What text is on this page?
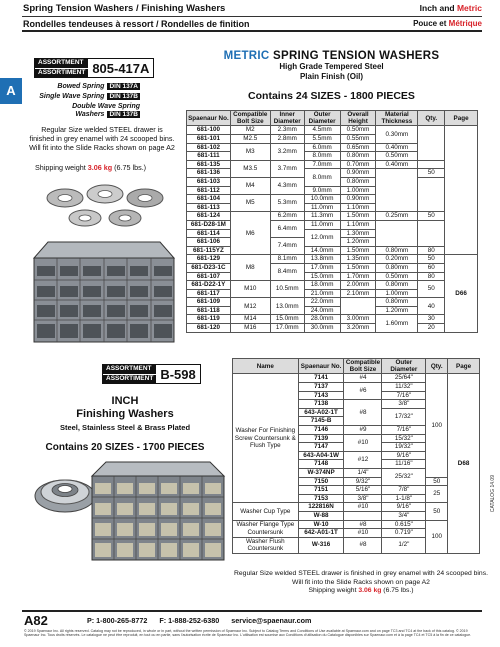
Spring Tension Washers / Finishing Washers	Inch and Metric
Rondelles tendeuses à ressort / Rondelles de finition	Pouce et Métrique
A
ASSORTMENT
ASSORTIMENT 805-417A
Bowed Spring DIN 137A
Single Wave Spring DIN 137B
Double Wave Spring Washers DIN 137B
Regular Size welded STEEL drawer is finished in grey enamel with 24 scooped bins. Will fit into the Slide Racks shown on page A2
Shipping weight 3.06 kg (6.75 lbs.)
METRIC SPRING TENSION WASHERS
High Grade Tempered Steel
Plain Finish (Oil)
Contains 24 SIZES - 1800 PIECES
Spaenaur No.	Compatible Bolt Size	Inner Diameter	Outer Diameter	Overall Height	Material Thickness	Qty.	Page
681-100	M2	2.3mm	4.5mm	0.50mm	0.30mm		
681-101	M2.5	2.8mm	5.5mm	0.55mm			
681-102	M3	3.2mm	6.0mm	0.65mm	0.40mm		
681-111			8.0mm	0.80mm	0.50mm		
681-135	M3.5	3.7mm	7.0mm	0.70mm	0.40mm		
681-136			8.0mm	0.90mm		50	
681-103	M4	4.3mm		0.80mm			
681-112			9.0mm	1.00mm			
681-104	M5	5.3mm	10.0mm	0.90mm			
681-113			11.0mm	1.10mm			
681-124	M6	6.2mm	11.3mm	1.50mm	0.25mm	50	
681-D28-1M		6.4mm	11.0mm	1.10mm			
681-114			12.0mm	1.30mm			
681-106		7.4mm		1.20mm			
681-115YZ			14.0mm	1.50mm	0.80mm	80	
681-129	M8	8.1mm	13.8mm	1.35mm	0.20mm	50	D66
681-D23-1C		8.4mm	17.0mm	1.50mm	0.80mm	60	
681-107			15.0mm	1.70mm	0.50mm	80	
681-D22-1Y	M10	10.5mm	18.0mm	2.00mm	0.80mm	50	
681-117			21.0mm	2.10mm	1.00mm		
681-109	M12	13.0mm	22.0mm		0.80mm	40	
681-118			24.0mm		1.20mm		
681-119	M14	15.0mm	28.0mm	3.00mm	1.60mm	30	
681-120	M16	17.0mm	30.0mm	3.20mm		20	
ASSORTMENT
ASSORTIMENT B-598
INCH
Finishing Washers
Steel, Stainless Steel & Brass Plated
Contains 20 SIZES - 1700 PIECES
Name	Spaenaur No.	Compatible Bolt Size	Outer Diameter	Qty.	Page
Washer For Finishing Screw Countersunk & Flush Type	7141	#4	25/64"	100	D68
	7137	#6	11/32"		
	7143		7/16"		
	7138	#8	3/8"		
	643-A02-1T		17/32"		
	7145-B				
	7146	#9	7/16"		
	7139	#10	15/32"		
	7147		19/32"		
	643-A04-1W	#12	9/16"		
	7148		11/16"		
	W-374NP	1/4"	25/32"		
	7150	9/32"		50	
	7151	5/16"	7/8"	25	
	7153	3/8"	1-1/8"		
Washer Cup Type	122816N	#10	9/16"	50	
	W-88		3/4"		
Washer Flange Type Countersunk	W-10	#8	0.615"	100	
	642-A01-1T	#10	0.719"		
Washer Flush Countersunk	W-316	#8	1/2"		
Regular Size welded STEEL drawer is finished in grey enamel with 24 scooped bins. Will fit into the Slide Racks shown on page A2
Shipping weight 3.06 kg (6.75 lbs.)
CATALOG 14.09
A82	P: 1-800-265-8772 F: 1-888-252-6380 service@spaenaur.com
© 2019 Spaenaur Inc. All rights reserved. Catalog may not be reproduced, in whole or in part, without the written permission of Spaenaur Inc. Subject to Catalog Terms and Conditions of Use available at Spaenaur.com and on page TC3 and TC4 at the back of this catalog. © 2019 Spaenaur Inc. Tous droits réservés. Le catalogue ne peut être reproduit, en tout ou en partie, sans l'autorisation écrite de Spaenaur Inc. L'utilisation est soumise aux Conditions d'utilisation du Catalogue disponibles sur Spaenaur.com et à la page TC4 et TC5 à la fin de ce catalogue.
